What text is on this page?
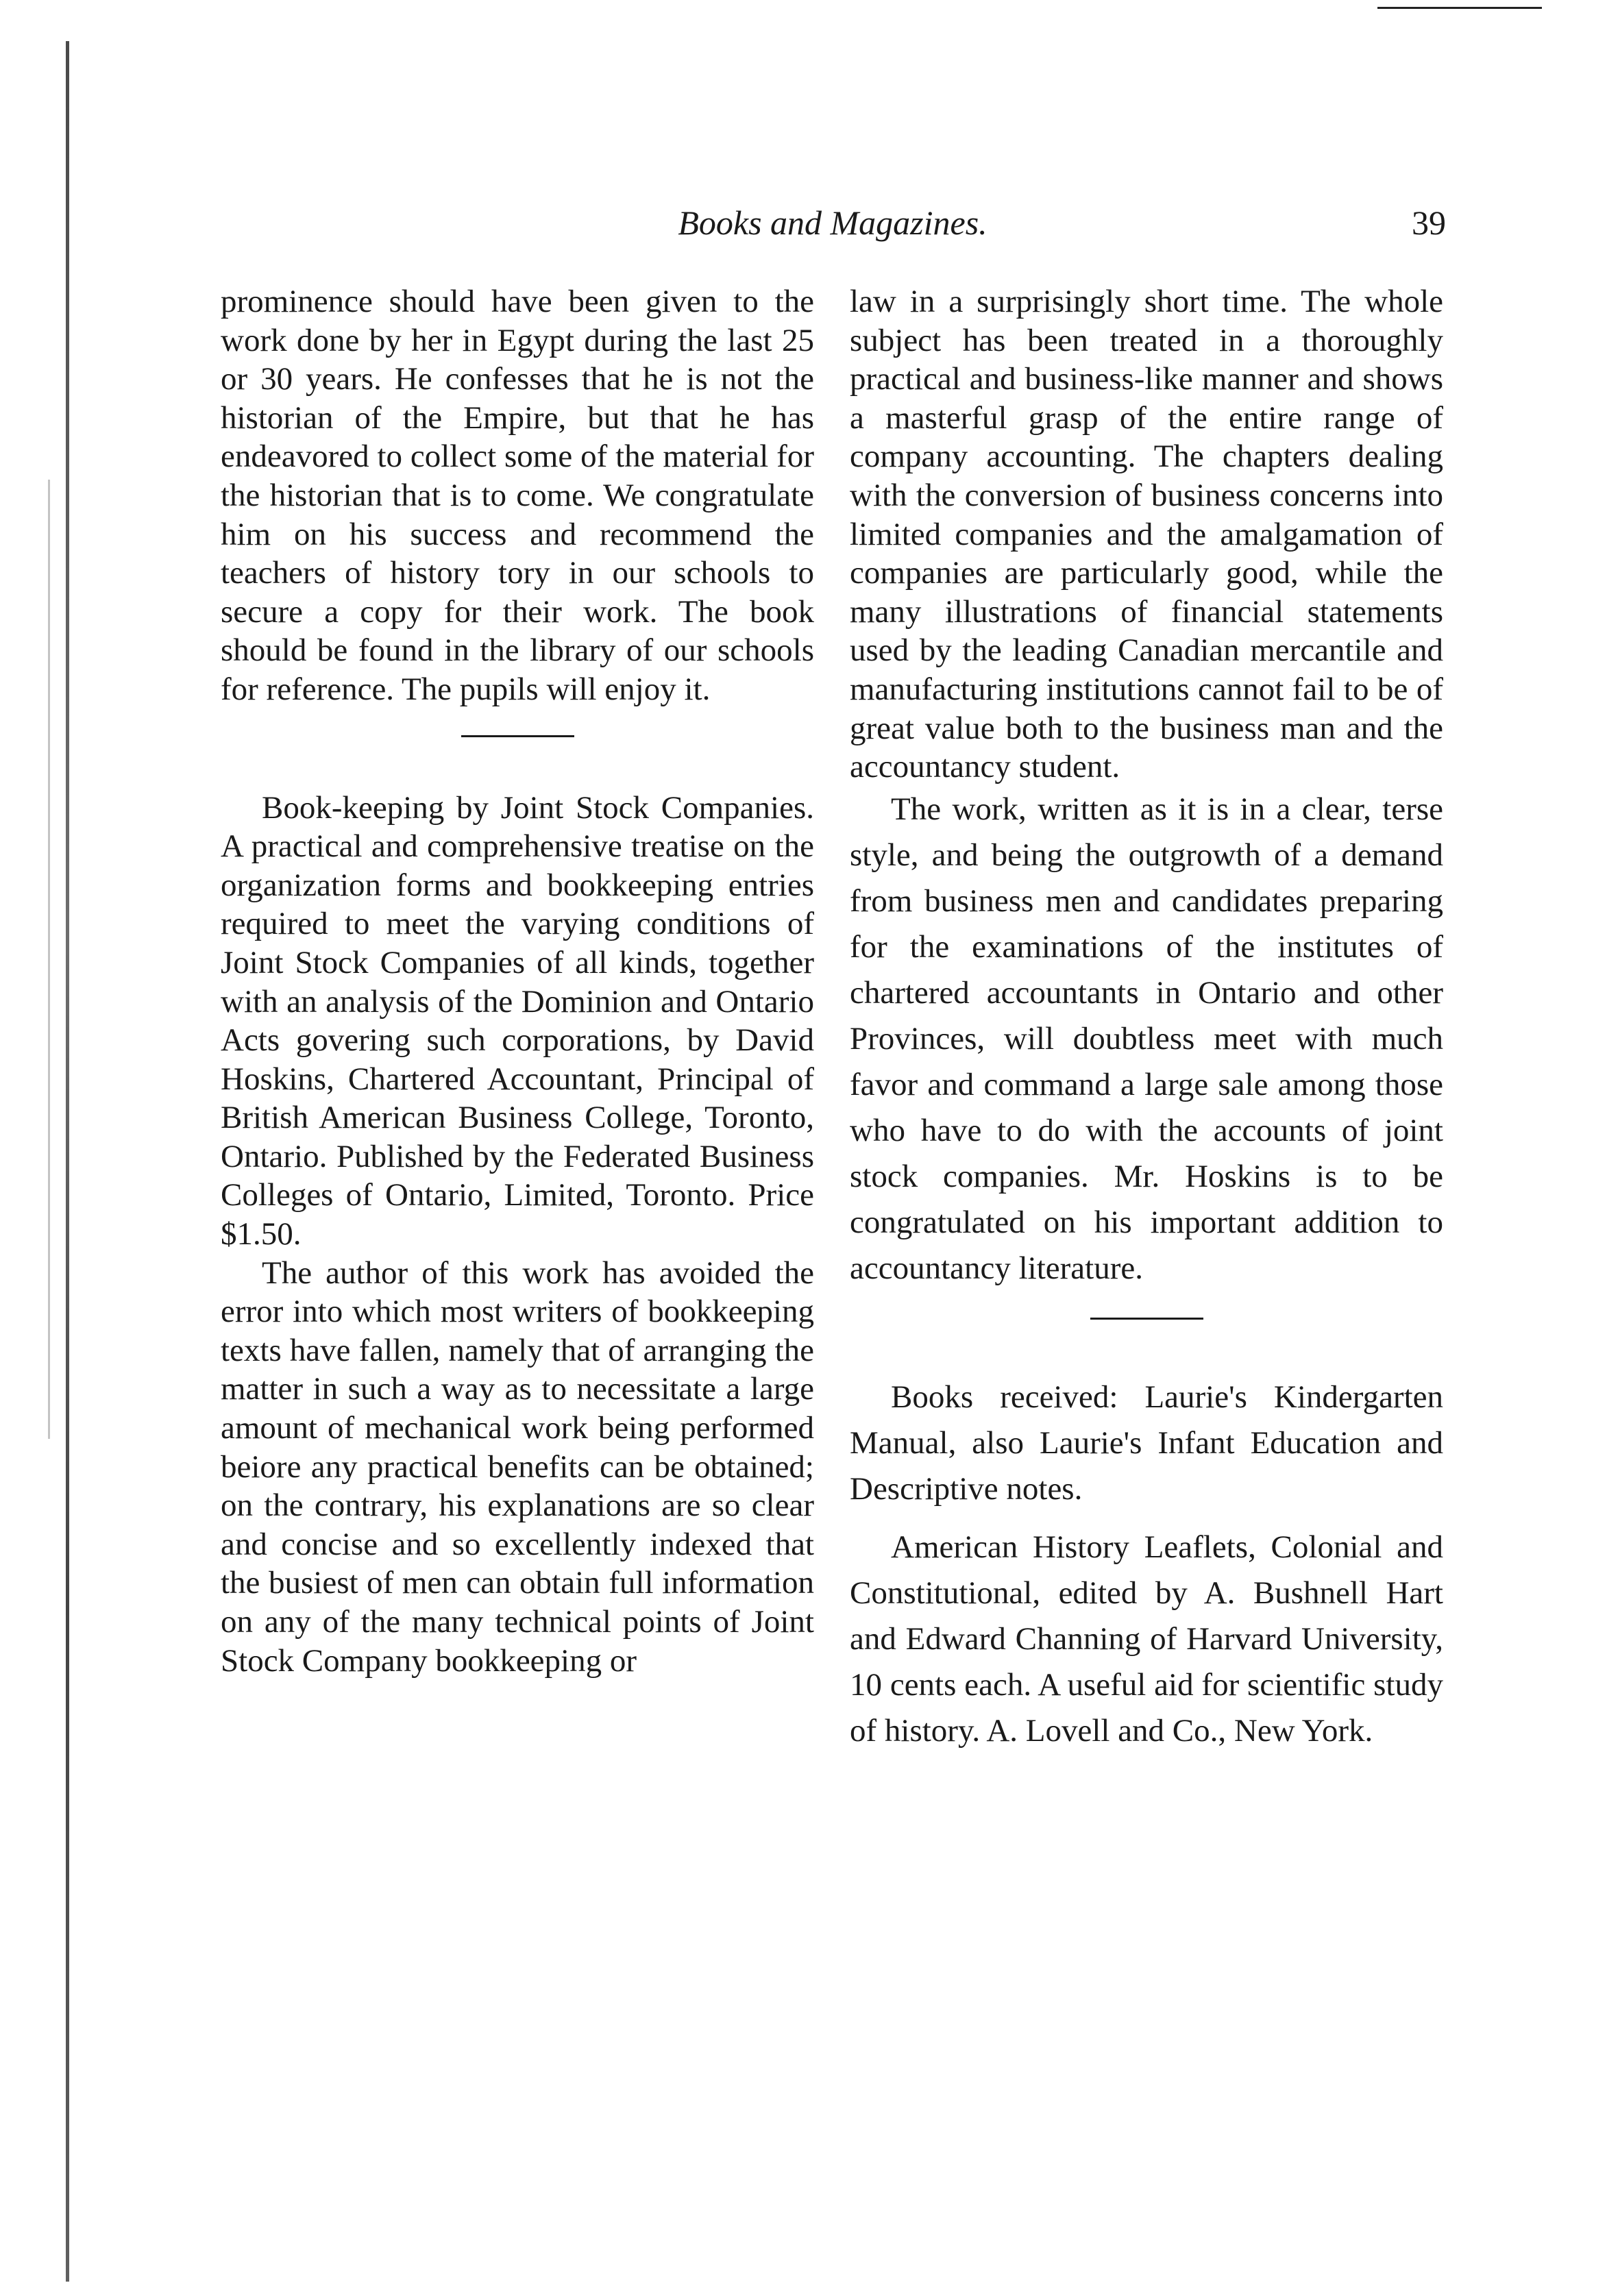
Books and Magazines.	39

prominence should have been given to the work done by her in Egypt during the last 25 or 30 years. He confesses that he is not the historian of the Empire, but that he has endeavored to collect some of the material for the historian that is to come. We congratulate him on his success and recommend the teachers of history tory in our schools to secure a copy for their work. The book should be found in the library of our schools for reference. The pupils will enjoy it.

Book-keeping by Joint Stock Companies. A practical and comprehensive treatise on the organization forms and bookkeeping entries required to meet the varying conditions of Joint Stock Companies of all kinds, together with an analysis of the Dominion and Ontario Acts govering such corporations, by David Hoskins, Chartered Accountant, Principal of British American Business College, Toronto, Ontario. Published by the Federated Business Colleges of Ontario, Limited, Toronto. Price $1.50.

The author of this work has avoided the error into which most writers of bookkeeping texts have fallen, namely that of arranging the matter in such a way as to necessitate a large amount of mechanical work being performed beiore any practical benefits can be obtained; on the contrary, his explanations are so clear and concise and so excellently indexed that the busiest of men can obtain full information on any of the many technical points of Joint Stock Company bookkeeping or

law in a surprisingly short time. The whole subject has been treated in a thoroughly practical and business-like manner and shows a masterful grasp of the entire range of company accounting. The chapters dealing with the conversion of business concerns into limited companies and the amalgamation of companies are particularly good, while the many illustrations of financial statements used by the leading Canadian mercantile and manufacturing institutions cannot fail to be of great value both to the business man and the accountancy student.

The work, written as it is in a clear, terse style, and being the outgrowth of a demand from business men and candidates preparing for the examinations of the institutes of chartered accountants in Ontario and other Provinces, will doubtless meet with much favor and command a large sale among those who have to do with the accounts of joint stock companies. Mr. Hoskins is to be congratulated on his important addition to accountancy literature.

Books received: Laurie's Kindergarten Manual, also Laurie's Infant Education and Descriptive notes.

American History Leaflets, Colonial and Constitutional, edited by A. Bushnell Hart and Edward Channing of Harvard University, 10 cents each. A useful aid for scientific study of history. A. Lovell and Co., New York.
